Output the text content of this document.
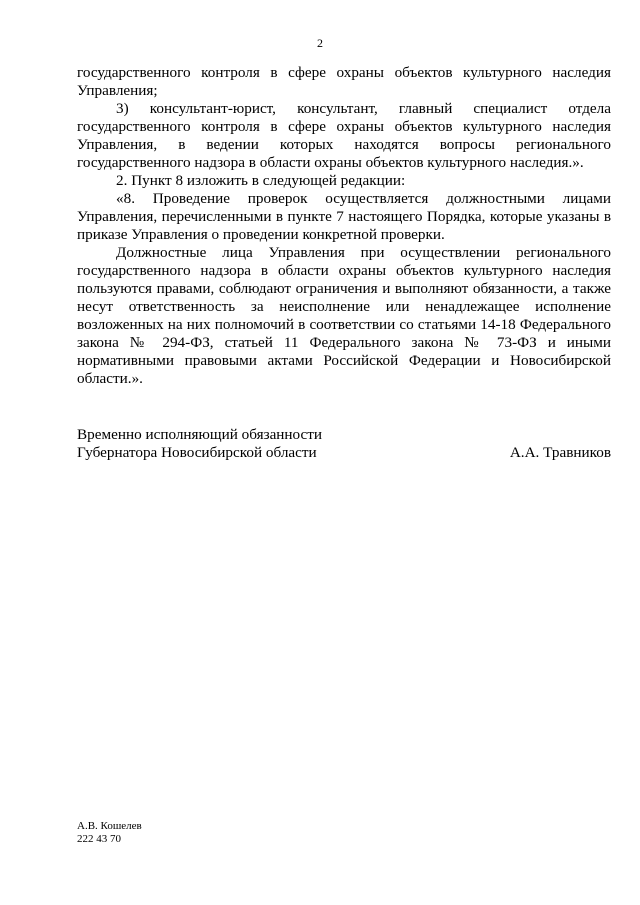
2

государственного контроля в сфере охраны объектов культурного наследия Управления;

3) консультант-юрист, консультант, главный специалист отдела государственного контроля в сфере охраны объектов культурного наследия Управления, в ведении которых находятся вопросы регионального государственного надзора в области охраны объектов культурного наследия.».

2. Пункт 8 изложить в следующей редакции:

«8. Проведение проверок осуществляется должностными лицами Управления, перечисленными в пункте 7 настоящего Порядка, которые указаны в приказе Управления о проведении конкретной проверки.

Должностные лица Управления при осуществлении регионального государственного надзора в области охраны объектов культурного наследия пользуются правами, соблюдают ограничения и выполняют обязанности, а также несут ответственность за неисполнение или ненадлежащее исполнение возложенных на них полномочий в соответствии со статьями 14-18 Федерального закона № 294-ФЗ, статьей 11 Федерального закона № 73-ФЗ и иными нормативными правовыми актами Российской Федерации и Новосибирской области.».

Временно исполняющий обязанности
Губернатора Новосибирской области	А.А. Травников
А.В. Кошелев
222 43 70
